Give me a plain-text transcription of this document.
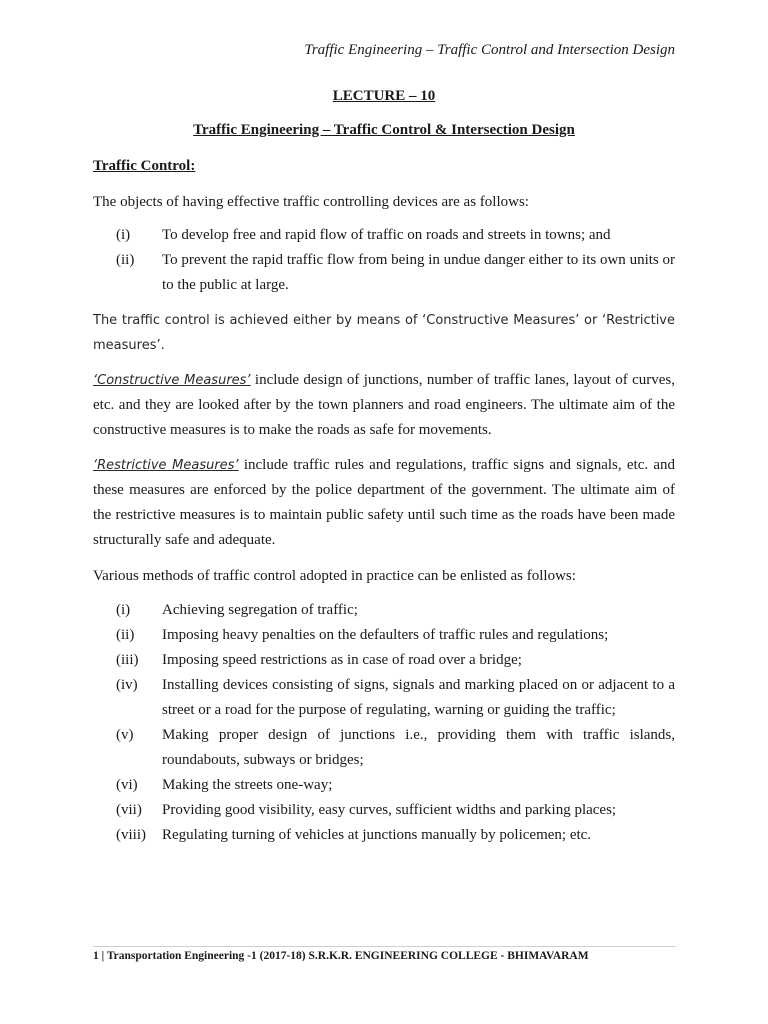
Traffic Engineering – Traffic Control and Intersection Design
LECTURE – 10
Traffic Engineering – Traffic Control & Intersection Design
Traffic Control:
The objects of having effective traffic controlling devices are as follows:
(i) To develop free and rapid flow of traffic on roads and streets in towns; and
(ii) To prevent the rapid traffic flow from being in undue danger either to its own units or to the public at large.
The traffic control is achieved either by means of ‘Constructive Measures’ or ‘Restrictive measures’.
‘Constructive Measures’ include design of junctions, number of traffic lanes, layout of curves, etc. and they are looked after by the town planners and road engineers. The ultimate aim of the constructive measures is to make the roads as safe for movements.
‘Restrictive Measures’ include traffic rules and regulations, traffic signs and signals, etc. and these measures are enforced by the police department of the government. The ultimate aim of the restrictive measures is to maintain public safety until such time as the roads have been made structurally safe and adequate.
Various methods of traffic control adopted in practice can be enlisted as follows:
(i) Achieving segregation of traffic;
(ii) Imposing heavy penalties on the defaulters of traffic rules and regulations;
(iii) Imposing speed restrictions as in case of road over a bridge;
(iv) Installing devices consisting of signs, signals and marking placed on or adjacent to a street or a road for the purpose of regulating, warning or guiding the traffic;
(v) Making proper design of junctions i.e., providing them with traffic islands, roundabouts, subways or bridges;
(vi) Making the streets one-way;
(vii) Providing good visibility, easy curves, sufficient widths and parking places;
(viii) Regulating turning of vehicles at junctions manually by policemen; etc.
1 | Transportation Engineering -1 (2017-18) S.R.K.R. ENGINEERING COLLEGE - BHIMAVARAM
